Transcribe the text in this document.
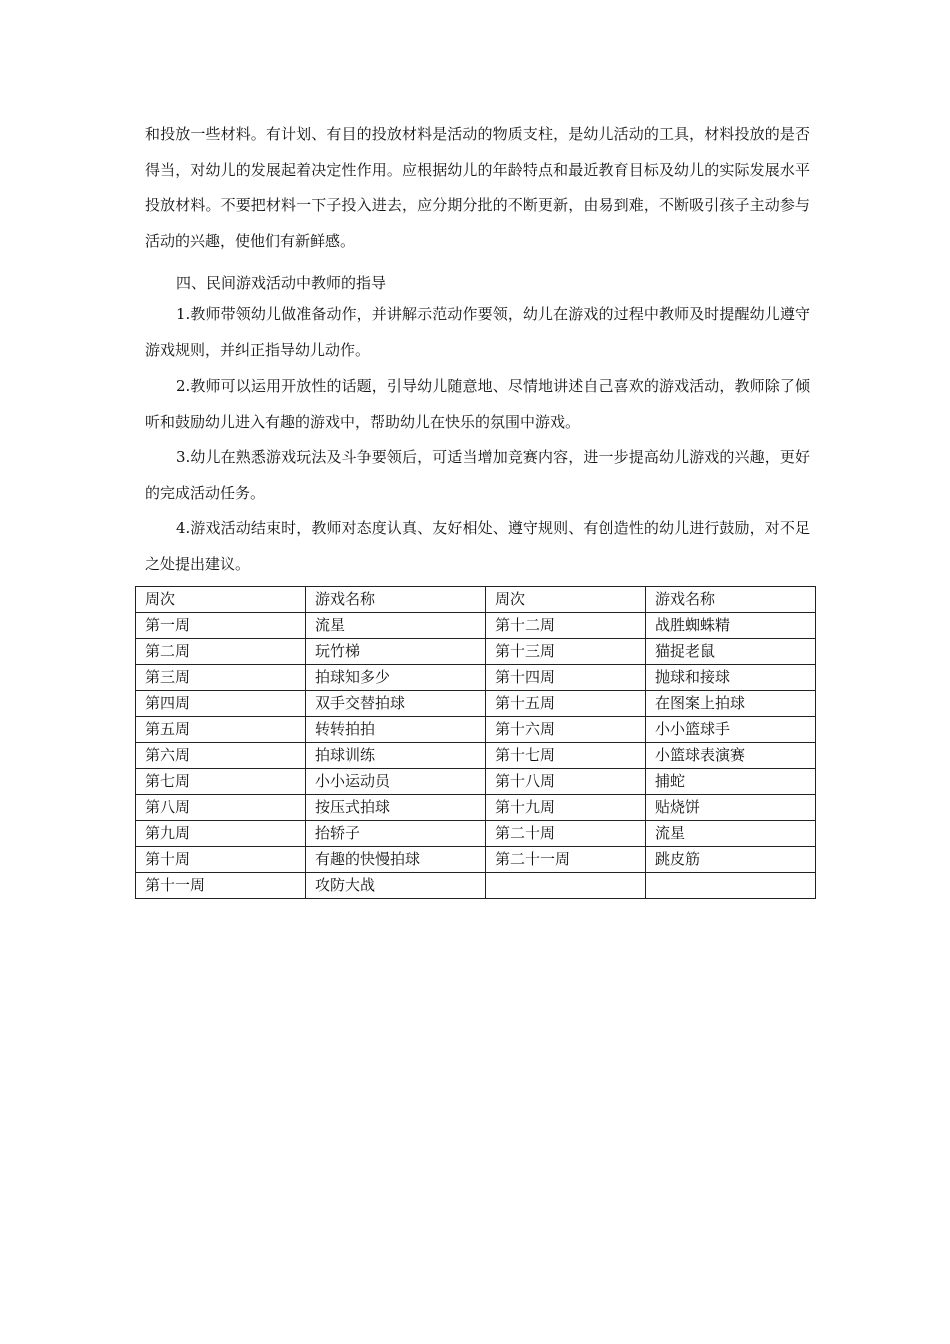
和投放一些材料。有计划、有目的投放材料是活动的物质支柱，是幼儿活动的工具，材料投放的是否得当，对幼儿的发展起着决定性作用。应根据幼儿的年龄特点和最近教育目标及幼儿的实际发展水平投放材料。不要把材料一下子投入进去，应分期分批的不断更新，由易到难，不断吸引孩子主动参与活动的兴趣，使他们有新鲜感。

四、民间游戏活动中教师的指导

1.教师带领幼儿做准备动作，并讲解示范动作要领，幼儿在游戏的过程中教师及时提醒幼儿遵守游戏规则，并纠正指导幼儿动作。

2.教师可以运用开放性的话题，引导幼儿随意地、尽情地讲述自己喜欢的游戏活动，教师除了倾听和鼓励幼儿进入有趣的游戏中，帮助幼儿在快乐的氛围中游戏。

3.幼儿在熟悉游戏玩法及斗争要领后，可适当增加竞赛内容，进一步提高幼儿游戏的兴趣，更好的完成活动任务。

4.游戏活动结束时，教师对态度认真、友好相处、遵守规则、有创造性的幼儿进行鼓励，对不足之处提出建议。

周次	游戏名称	周次	游戏名称
第一周	流星	第十二周	战胜蜘蛛精
第二周	玩竹梯	第十三周	猫捉老鼠
第三周	拍球知多少	第十四周	抛球和接球
第四周	双手交替拍球	第十五周	在图案上拍球
第五周	转转拍拍	第十六周	小小篮球手
第六周	拍球训练	第十七周	小篮球表演赛
第七周	小小运动员	第十八周	捕蛇
第八周	按压式拍球	第十九周	贴烧饼
第九周	抬轿子	第二十周	流星
第十周	有趣的快慢拍球	第二十一周	跳皮筋
第十一周	攻防大战		
